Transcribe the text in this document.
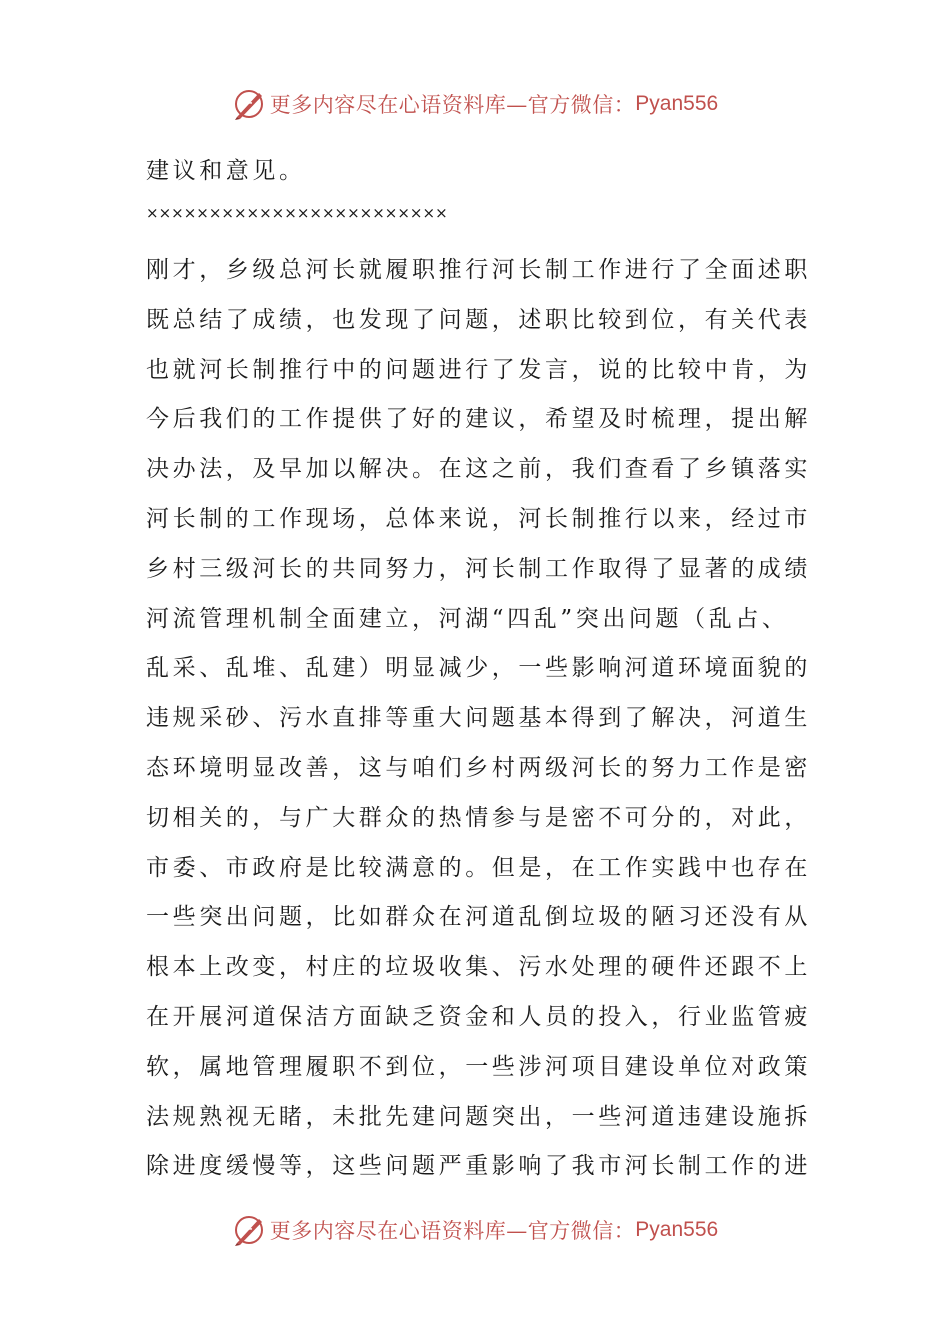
更多内容尽在心语资料库—官方微信： Pyan556
建议和意见。
××××××××××××××××××××××××
刚才，乡级总河长就履职推行河长制工作进行了全面述职
既总结了成绩，也发现了问题，述职比较到位，有关代表
也就河长制推行中的问题进行了发言，说的比较中肯，为
今后我们的工作提供了好的建议，希望及时梳理，提出解
决办法，及早加以解决。在这之前，我们查看了乡镇落实
河长制的工作现场，总体来说，河长制推行以来，经过市
乡村三级河长的共同努力，河长制工作取得了显著的成绩
河流管理机制全面建立，河湖“四乱”突出问题（乱占、
乱采、乱堆、乱建）明显减少，一些影响河道环境面貌的
违规采砂、污水直排等重大问题基本得到了解决，河道生
态环境明显改善，这与咱们乡村两级河长的努力工作是密
切相关的，与广大群众的热情参与是密不可分的，对此，
市委、市政府是比较满意的。但是，在工作实践中也存在
一些突出问题，比如群众在河道乱倒垃圾的陋习还没有从
根本上改变，村庄的垃圾收集、污水处理的硬件还跟不上
在开展河道保洁方面缺乏资金和人员的投入，行业监管疲
软，属地管理履职不到位，一些涉河项目建设单位对政策
法规熟视无睹，未批先建问题突出，一些河道违建设施拆
除进度缓慢等，这些问题严重影响了我市河长制工作的进
更多内容尽在心语资料库—官方微信： Pyan556
